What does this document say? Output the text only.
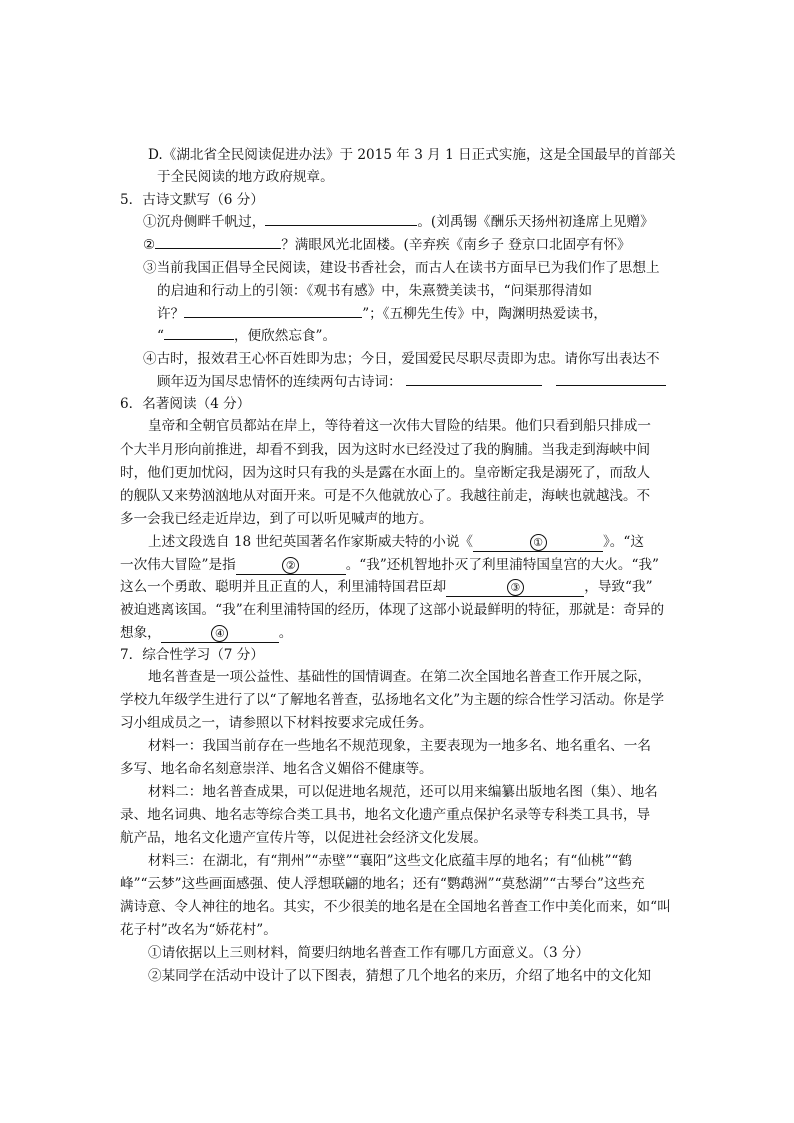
D.《湖北省全民阅读促进办法》于 2015 年 3 月 1 日正式实施，这是全国最早的首部关
于全民阅读的地方政府规章。
5．古诗文默写（6 分）
①沉舟侧畔千帆过，	。(刘禹锡《酬乐天扬州初逢席上见赠》
②	？满眼风光北固楼。(辛弃疾《南乡子 登京口北固亭有怀》
③当前我国正倡导全民阅读，建设书香社会，而古人在读书方面早已为我们作了思想上
的启迪和行动上的引领：《观书有感》中，朱熹赞美读书，“问渠那得清如
许？	”；《五柳先生传》中，陶渊明热爱读书，
“	，便欣然忘食”。
④古时，报效君王心怀百姓即为忠；今日，爱国爱民尽职尽责即为忠。请你写出表达不
顾年迈为国尽忠情怀的连续两句古诗词：
6．名著阅读（4 分）
皇帝和全朝官员都站在岸上，等待着这一次伟大冒险的结果。他们只看到船只排成一
个大半月形向前推进，却看不到我，因为这时水已经没过了我的胸脯。当我走到海峡中间
时，他们更加忧闷，因为这时只有我的头是露在水面上的。皇帝断定我是溺死了，而敌人
的舰队又来势汹汹地从对面开来。可是不久他就放心了。我越往前走，海峡也就越浅。不
多一会我已经走近岸边，到了可以听见喊声的地方。
上述文段选自 18 世纪英国著名作家斯威夫特的小说《	①	》。“这
一次伟大冒险”是指	②	。“我”还机智地扑灭了利里浦特国皇宫的大火。“我”
这么一个勇敢、聪明并且正直的人，利里浦特国君臣却	③	，导致“我”
被迫逃离该国。“我”在利里浦特国的经历，体现了这部小说最鲜明的特征，那就是：奇异的
想象，	④	。
7．综合性学习（7 分）
地名普查是一项公益性、基础性的国情调查。在第二次全国地名普查工作开展之际，
学校九年级学生进行了以“了解地名普查，弘扬地名文化”为主题的综合性学习活动。你是学
习小组成员之一，请参照以下材料按要求完成任务。
材料一：我国当前存在一些地名不规范现象，主要表现为一地多名、地名重名、一名
多写、地名命名刻意崇洋、地名含义媚俗不健康等。
材料二：地名普查成果，可以促进地名规范，还可以用来编纂出版地名图（集）、地名
录、地名词典、地名志等综合类工具书，地名文化遗产重点保护名录等专科类工具书，导
航产品，地名文化遗产宣传片等，以促进社会经济文化发展。
材料三：在湖北，有“荆州”“赤壁”“襄阳”这些文化底蕴丰厚的地名；有“仙桃”“鹤
峰”“云梦”这些画面感强、使人浮想联翩的地名；还有“鹦鹉洲”“莫愁湖”“古琴台”这些充
满诗意、令人神往的地名。其实，不少很美的地名是在全国地名普查工作中美化而来，如“叫
花子村”改名为“娇花村”。
①请依据以上三则材料，简要归纳地名普查工作有哪几方面意义。（3 分）
②某同学在活动中设计了以下图表，猜想了几个地名的来历，介绍了地名中的文化知
